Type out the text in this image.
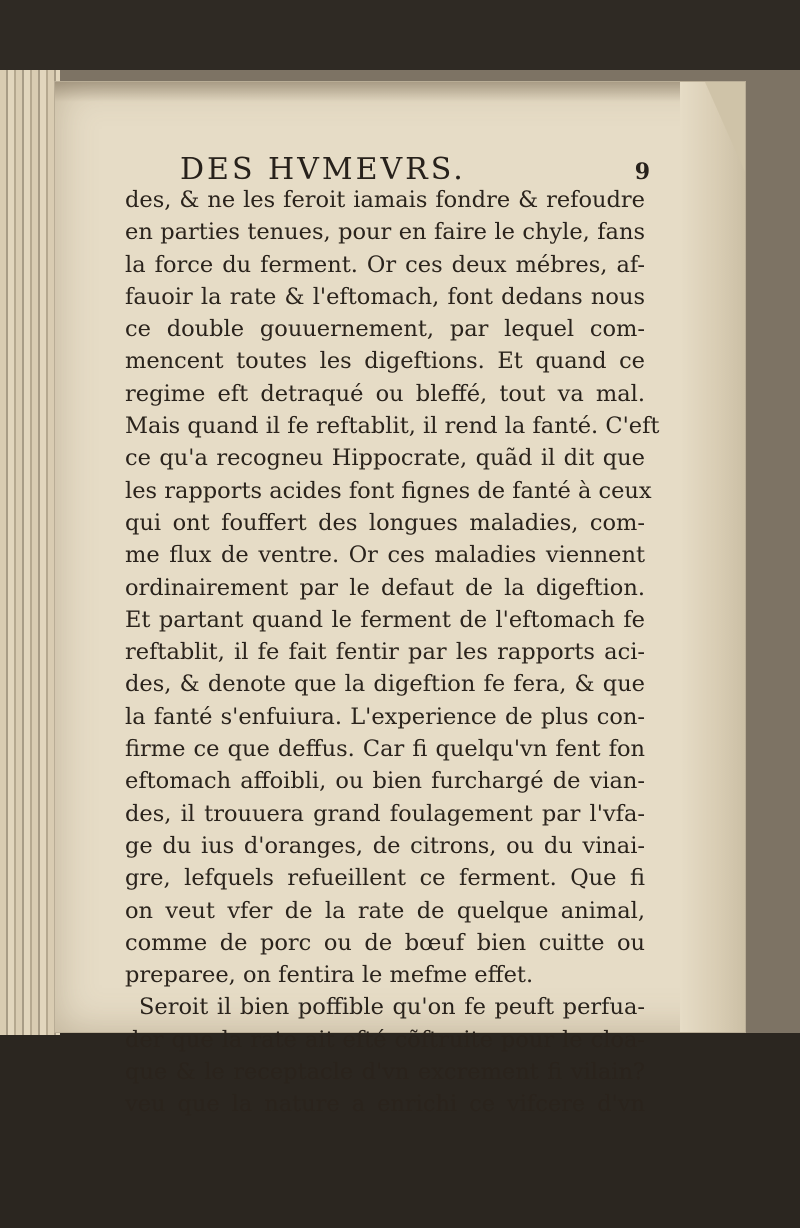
DES HVMEVRS.	9
des, & ne les feroit iamais fondre & refoudre
en parties tenues, pour en faire le chyle, fans
la force du ferment. Or ces deux mébres, af-
fauoir la rate & l'eftomach, font dedans nous
ce double gouuernement, par lequel com-
mencent toutes les digeftions. Et quand ce
regime eft detraqué ou bleffé, tout va mal.
Mais quand il fe reftablit, il rend la fanté. C'eft
ce qu'a recogneu Hippocrate, quãd il dit que
les rapports acides font fignes de fanté à ceux
qui ont fouffert des longues maladies, com-
me flux de ventre. Or ces maladies viennent
ordinairement par le defaut de la digeftion.
Et partant quand le ferment de l'eftomach fe
reftablit, il fe fait fentir par les rapports aci-
des, & denote que la digeftion fe fera, & que
la fanté s'enfuiura. L'experience de plus con-
firme ce que deffus. Car fi quelqu'vn fent fon
eftomach affoibli, ou bien furchargé de vian-
des, il trouuera grand foulagement par l'vfa-
ge du ius d'oranges, de citrons, ou du vinai-
gre, lefquels refueillent ce ferment. Que fi
on veut vfer de la rate de quelque animal,
comme de porc ou de bœuf bien cuitte ou
preparee, on fentira le mefme effet.
Seroit il bien poffible qu'on fe peuft perfua-
der que la rate ait efté cõftruite pour le cloa-
que & le receptacle d'vn excrement fi vilain?
veu que la nature a enrichi ce vifcere d'vn
